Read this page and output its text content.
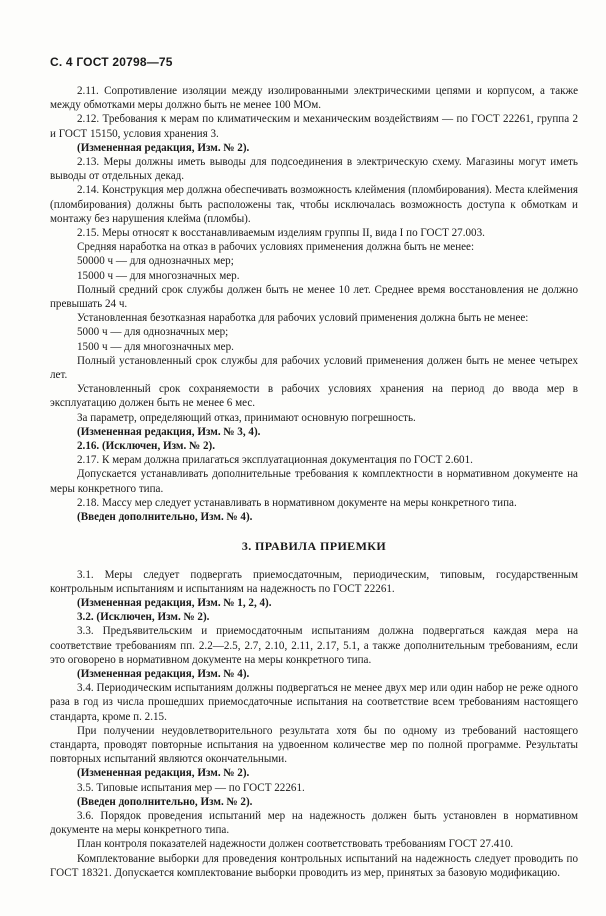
С. 4 ГОСТ 20798—75

2.11. Сопротивление изоляции между изолированными электрическими цепями и корпусом, а также между обмотками меры должно быть не менее 100 МОм.

2.12. Требования к мерам по климатическим и механическим воздействиям — по ГОСТ 22261, группа 2 и ГОСТ 15150, условия хранения 3.

(Измененная редакция, Изм. № 2).

2.13. Меры должны иметь выводы для подсоединения в электрическую схему. Магазины могут иметь выводы от отдельных декад.

2.14. Конструкция мер должна обеспечивать возможность клеймения (пломбирования). Места клеймения (пломбирования) должны быть расположены так, чтобы исключалась возможность доступа к обмоткам и монтажу без нарушения клейма (пломбы).

2.15. Меры относят к восстанавливаемым изделиям группы II, вида I по ГОСТ 27.003.

Средняя наработка на отказ в рабочих условиях применения должна быть не менее:

50000 ч — для однозначных мер;

15000 ч — для многозначных мер.

Полный средний срок службы должен быть не менее 10 лет. Среднее время восстановления не должно превышать 24 ч.

Установленная безотказная наработка для рабочих условий применения должна быть не менее:

5000 ч — для однозначных мер;

1500 ч — для многозначных мер.

Полный установленный срок службы для рабочих условий применения должен быть не менее четырех лет.

Установленный срок сохраняемости в рабочих условиях хранения на период до ввода мер в эксплуатацию должен быть не менее 6 мес.

За параметр, определяющий отказ, принимают основную погрешность.

(Измененная редакция, Изм. № 3, 4).

2.16. (Исключен, Изм. № 2).

2.17. К мерам должна прилагаться эксплуатационная документация по ГОСТ 2.601.

Допускается устанавливать дополнительные требования к комплектности в нормативном документе на меры конкретного типа.

2.18. Массу мер следует устанавливать в нормативном документе на меры конкретного типа.

(Введен дополнительно, Изм. № 4).

3. ПРАВИЛА ПРИЕМКИ

3.1. Меры следует подвергать приемосдаточным, периодическим, типовым, государственным контрольным испытаниям и испытаниям на надежность по ГОСТ 22261.

(Измененная редакция, Изм. № 1, 2, 4).

3.2. (Исключен, Изм. № 2).

3.3. Предъявительским и приемосдаточным испытаниям должна подвергаться каждая мера на соответствие требованиям пп. 2.2—2.5, 2.7, 2.10, 2.11, 2.17, 5.1, а также дополнительным требованиям, если это оговорено в нормативном документе на меры конкретного типа.

(Измененная редакция, Изм. № 4).

3.4. Периодическим испытаниям должны подвергаться не менее двух мер или один набор не реже одного раза в год из числа прошедших приемосдаточные испытания на соответствие всем требованиям настоящего стандарта, кроме п. 2.15.

При получении неудовлетворительного результата хотя бы по одному из требований настоящего стандарта, проводят повторные испытания на удвоенном количестве мер по полной программе. Результаты повторных испытаний являются окончательными.

(Измененная редакция, Изм. № 2).

3.5. Типовые испытания мер — по ГОСТ 22261.

(Введен дополнительно, Изм. № 2).

3.6. Порядок проведения испытаний мер на надежность должен быть установлен в нормативном документе на меры конкретного типа.

План контроля показателей надежности должен соответствовать требованиям ГОСТ 27.410.

Комплектование выборки для проведения контрольных испытаний на надежность следует проводить по ГОСТ 18321. Допускается комплектование выборки проводить из мер, принятых за базовую модификацию.
